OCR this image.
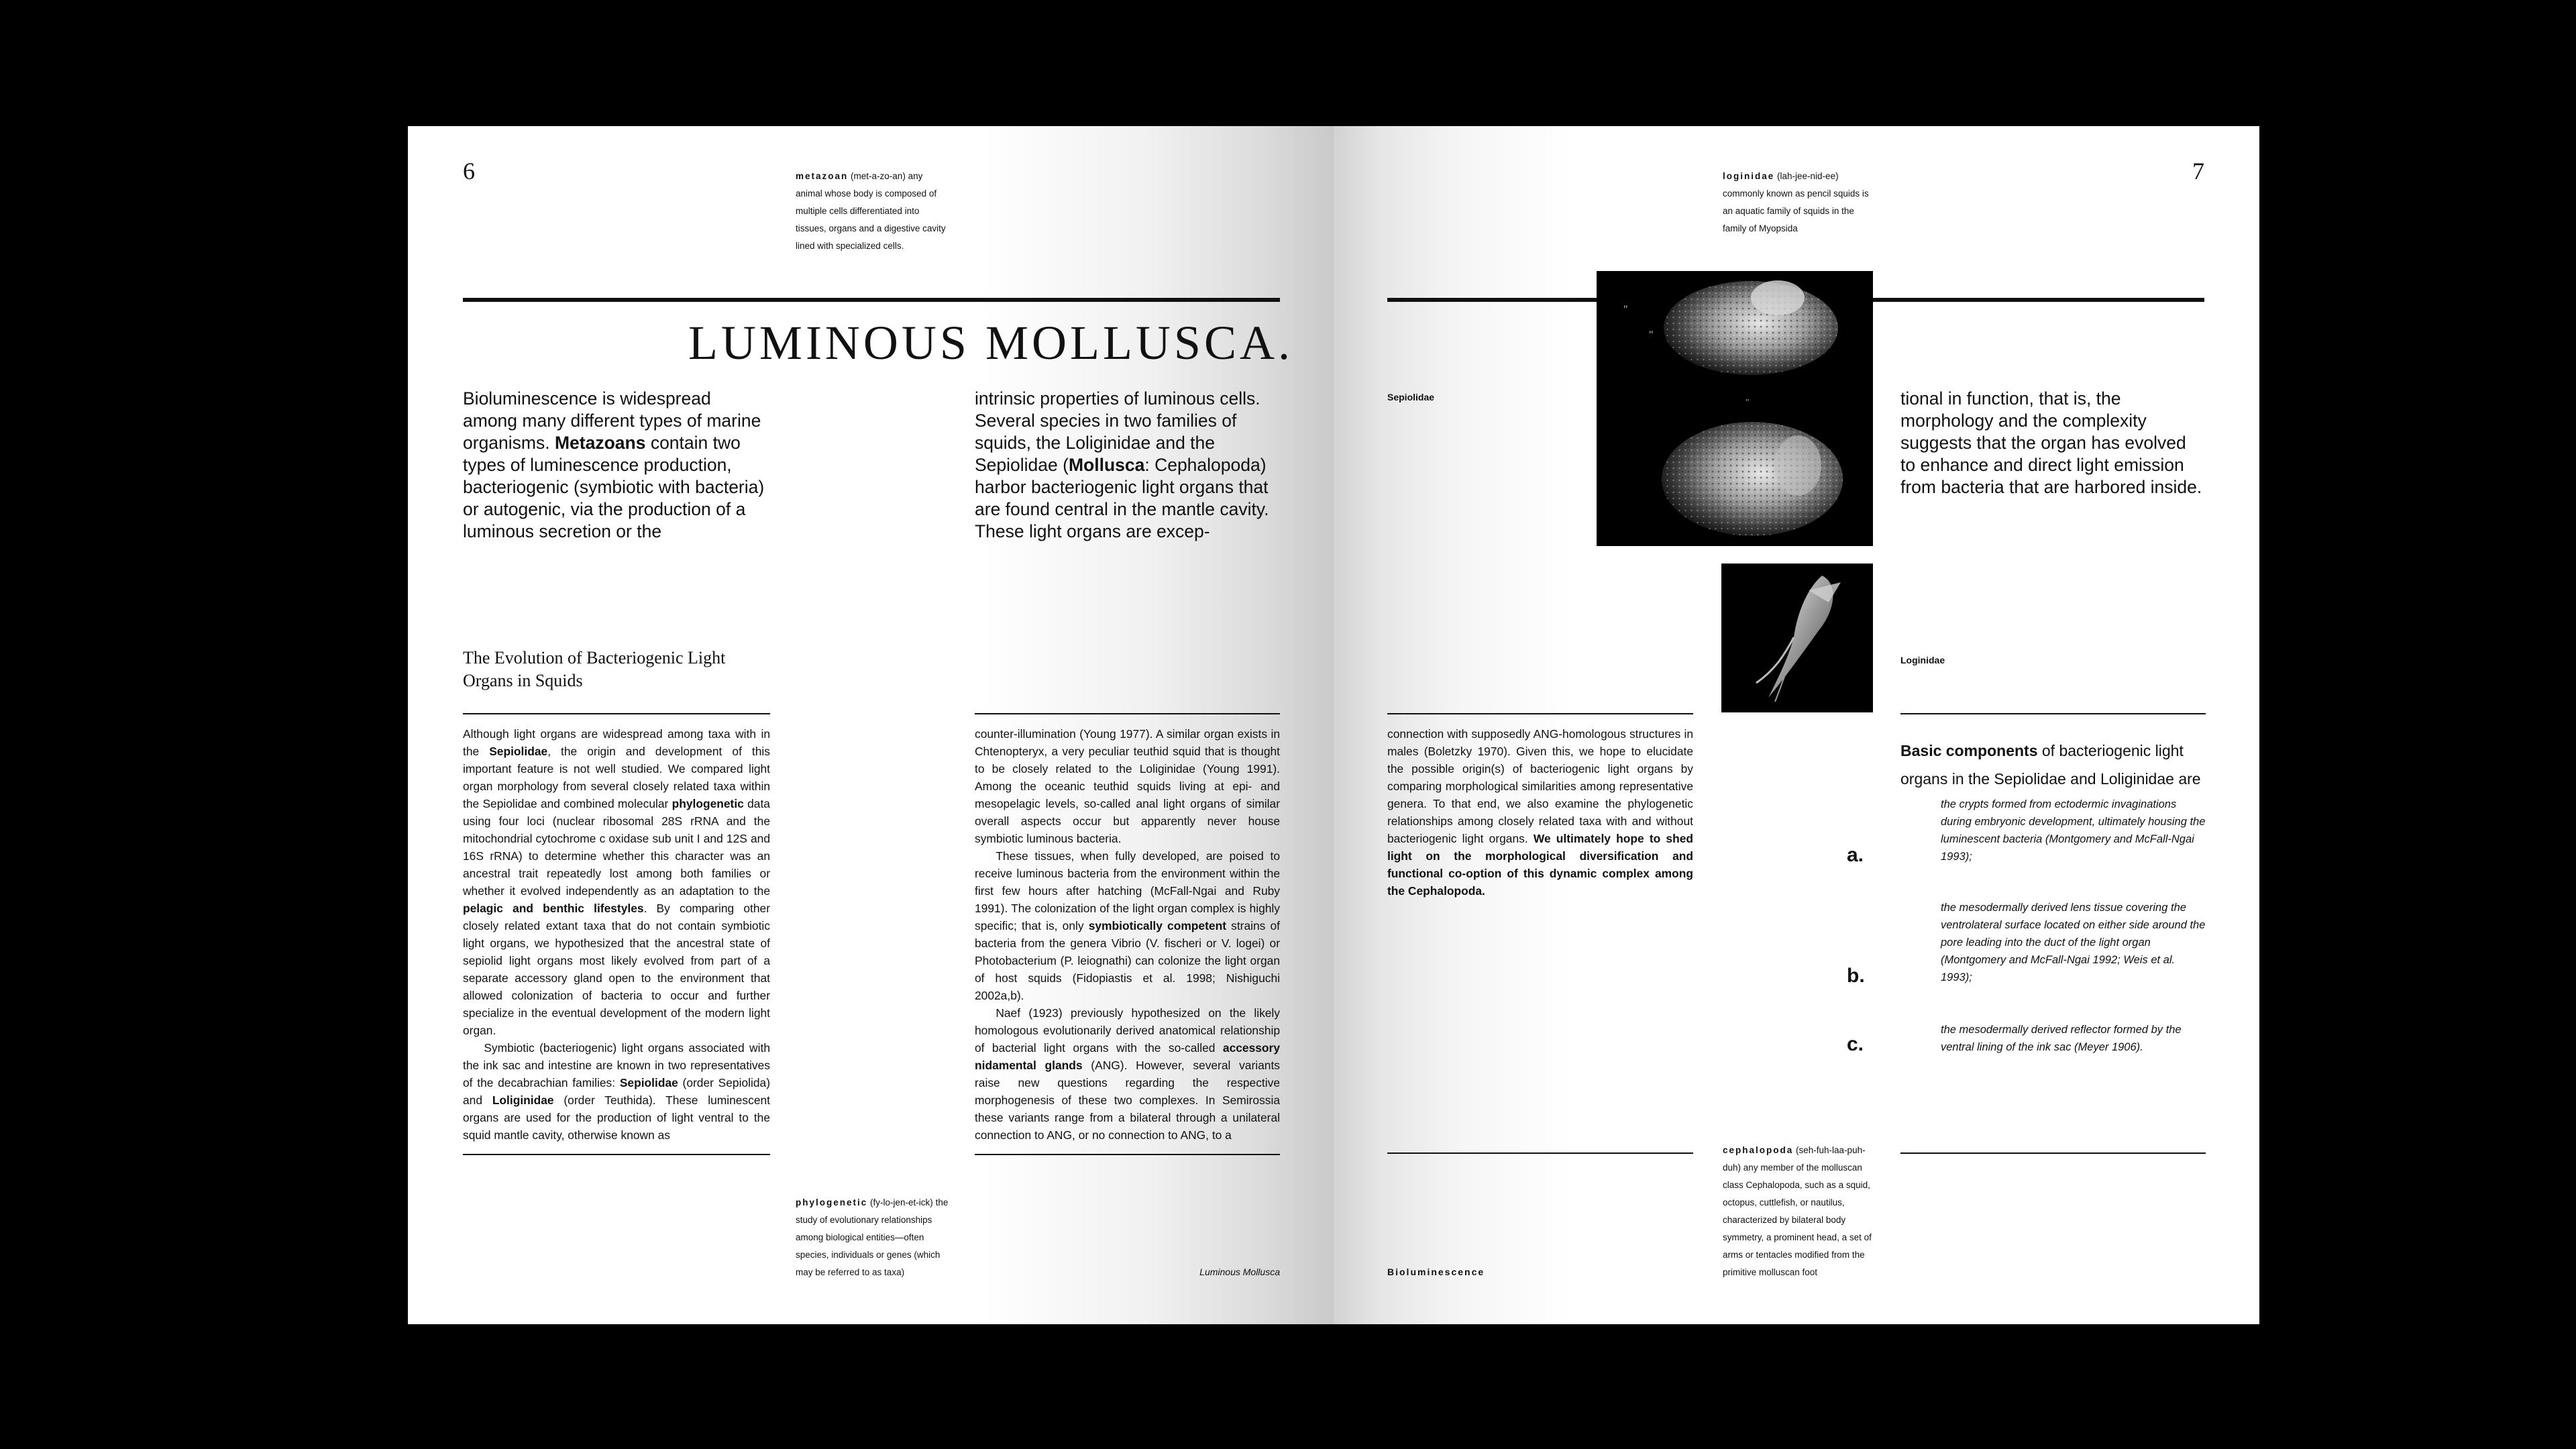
6	metazoan (met-a-zo-an) any animal whose body is composed of multiple cells differentiated into tissues, organs and a digestive cavity lined with specialized cells.
LUMINOUS MOLLUSCA.
Bioluminescence is widespread among many different types of marine organisms. Metazoans contain two types of luminescence production, bacteriogenic (symbiotic with bacteria) or autogenic, via the production of a luminous secretion or the
intrinsic properties of luminous cells. Several species in two families of squids, the Loliginidae and the Sepiolidae (Mollusca: Cephalopoda) harbor bacteriogenic light organs that are found central in the mantle cavity. These light organs are excep-
The Evolution of Bacteriogenic Light Organs in Squids

Although light organs are widespread among taxa with in the Sepiolidae, the origin and development of this important feature is not well studied. We compared light organ morphology from several closely related taxa within the Sepiolidae and combined molecular phylogenetic data using four loci (nuclear ribosomal 28S rRNA and the mitochondrial cytochrome c oxidase sub unit I and 12S and 16S rRNA) to determine whether this character was an ancestral trait repeatedly lost among both families or whether it evolved independently as an adaptation to the pelagic and benthic lifestyles. By comparing other closely related extant taxa that do not contain symbiotic light organs, we hypothesized that the ancestral state of sepiolid light organs most likely evolved from part of a separate accessory gland open to the environment that allowed colonization of bacteria to occur and further specialize in the eventual development of the modern light organ.

Symbiotic (bacteriogenic) light organs associated with the ink sac and intestine are known in two representatives of the decabrachian families: Sepiolidae (order Sepiolida) and Loliginidae (order Teuthida). These luminescent organs are used for the production of light ventral to the squid mantle cavity, otherwise known as

counter-illumination (Young 1977). A similar organ exists in Chtenopteryx, a very peculiar teuthid squid that is thought to be closely related to the Loliginidae (Young 1991). Among the oceanic teuthid squids living at epi- and mesopelagic levels, so-called anal light organs of similar overall aspects occur but apparently never house symbiotic luminous bacteria.

These tissues, when fully developed, are poised to receive luminous bacteria from the environment within the first few hours after hatching (McFall-Ngai and Ruby 1991). The colonization of the light organ complex is highly specific; that is, only symbiotically competent strains of bacteria from the genera Vibrio (V. fischeri or V. logei) or Photobacterium (P. leiognathi) can colonize the light organ of host squids (Fidopiastis et al. 1998; Nishiguchi 2002a,b).

Naef (1923) previously hypothesized on the likely homologous evolutionarily derived anatomical relationship of bacterial light organs with the so-called accessory nidamental glands (ANG). However, several variants raise new questions regarding the respective morphogenesis of these two complexes. In Semirossia these variants range from a bilateral through a unilateral connection to ANG, or no connection to ANG, to a

phylogenetic (fy-lo-jen-et-ick) the study of evolutionary relationships among biological entities—often species, individuals or genes (which may be referred to as taxa)	Luminous Mollusca
7
loginidae (lah-jee-nid-ee) commonly known as pencil squids is an aquatic family of squids in the family of Myopsida
"
"
"
Sepiolidae	tional in function, that is, the morphology and the complexity suggests that the organ has evolved to enhance and direct light emission from bacteria that are harbored inside.
Loginidae
connection with supposedly ANG-homologous structures in males (Boletzky 1970). Given this, we hope to elucidate the possible origin(s) of bacteriogenic light organs by comparing morphological similarities among representative genera. To that end, we also examine the phylogenetic relationships among closely related taxa with and without bacteriogenic light organs. We ultimately hope to shed light on the morphological diversification and functional co-option of this dynamic complex among the Cephalopoda.
Basic components of bacteriogenic light organs in the Sepiolidae and Loliginidae are
a.
the crypts formed from ectodermic invaginations during embryonic development, ultimately housing the luminescent bacteria (Montgomery and McFall-Ngai 1993);
b.
the mesodermally derived lens tissue covering the ventrolateral surface located on either side around the pore leading into the duct of the light organ (Montgomery and McFall-Ngai 1992; Weis et al. 1993);
c.
the mesodermally derived reflector formed by the ventral lining of the ink sac (Meyer 1906).
cephalopoda (seh-fuh-laa-puh-duh) any member of the molluscan class Cephalopoda, such as a squid, octopus, cuttlefish, or nautilus, characterized by bilateral body symmetry, a prominent head, a set of arms or tentacles modified from the primitive molluscan foot
Bioluminescence
